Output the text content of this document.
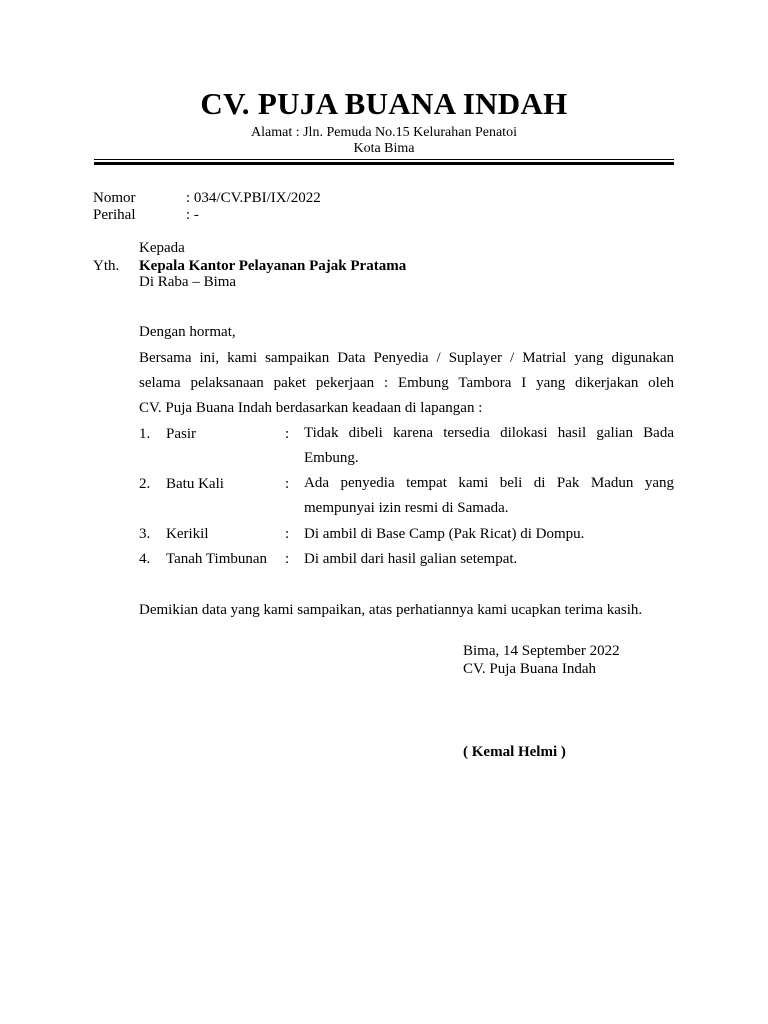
CV. PUJA BUANA INDAH
Alamat : Jln. Pemuda No.15 Kelurahan Penatoi
Kota Bima
Nomor	: 034/CV.PBI/IX/2022
Perihal	: -
Kepada
Yth. Kepala Kantor Pelayanan Pajak Pratama
Di Raba – Bima
Dengan hormat,
Bersama ini, kami sampaikan Data Penyedia / Suplayer / Matrial yang digunakan
selama pelaksanaan paket pekerjaan : Embung Tambora I yang dikerjakan oleh
CV. Puja Buana Indah berdasarkan keadaan di lapangan :
1. Pasir	: Tidak dibeli karena tersedia dilokasi hasil galian Bada
Embung.
2. Batu Kali	: Ada penyedia tempat kami beli di Pak Madun yang
mempunyai izin resmi di Samada.
3. Kerikil	: Di ambil di Base Camp (Pak Ricat) di Dompu.
4. Tanah Timbunan : Di ambil dari hasil galian setempat.
Demikian data yang kami sampaikan, atas perhatiannya kami ucapkan terima kasih.
Bima, 14 September 2022
CV. Puja Buana Indah
( Kemal Helmi )
